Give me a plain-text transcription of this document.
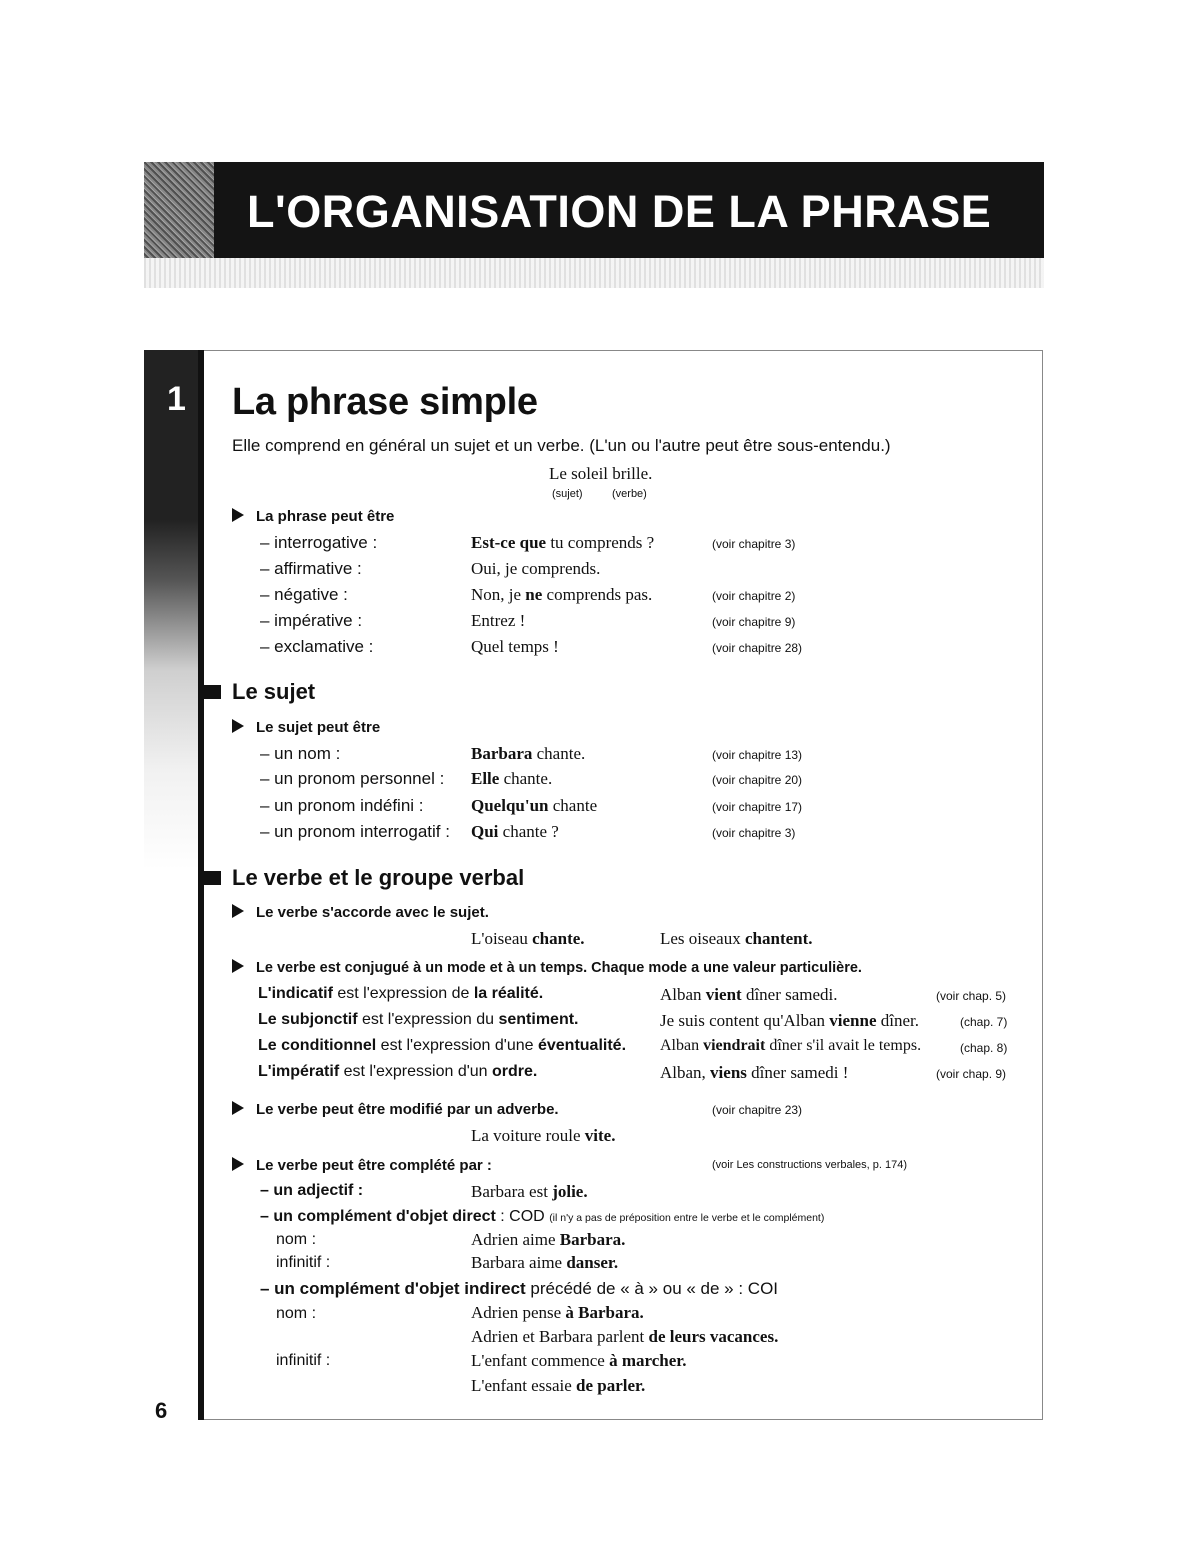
L'ORGANISATION DE LA PHRASE
1 La phrase simple
Elle comprend en général un sujet et un verbe. (L'un ou l'autre peut être sous-entendu.)
Le soleil brille.
(sujet)	(verbe)
La phrase peut être
– interrogative :	Est-ce que tu comprends ?	(voir chapitre 3)
– affirmative :	Oui, je comprends.
– négative :	Non, je ne comprends pas.	(voir chapitre 2)
– impérative :	Entrez !	(voir chapitre 9)
– exclamative :	Quel temps !	(voir chapitre 28)
Le sujet
Le sujet peut être
– un nom :	Barbara chante.	(voir chapitre 13)
– un pronom personnel : Elle chante.	(voir chapitre 20)
– un pronom indéfini :	Quelqu'un chante	(voir chapitre 17)
– un pronom interrogatif : Qui chante ?	(voir chapitre 3)
Le verbe et le groupe verbal
Le verbe s'accorde avec le sujet.
L'oiseau chante.	Les oiseaux chantent.
Le verbe est conjugué à un mode et à un temps. Chaque mode a une valeur particulière.
L'indicatif est l'expression de la réalité.	Alban vient dîner samedi.	(voir chap. 5)
Le subjonctif est l'expression du sentiment.	Je suis content qu'Alban vienne dîner.	(chap. 7)
Le conditionnel est l'expression d'une éventualité. Alban viendrait dîner s'il avait le temps.	(chap. 8)
L'impératif est l'expression d'un ordre.	Alban, viens dîner samedi !	(voir chap. 9)
Le verbe peut être modifié par un adverbe.	(voir chapitre 23)
La voiture roule vite.
Le verbe peut être complété par :	(voir Les constructions verbales, p. 174)
– un adjectif :	Barbara est jolie.
– un complément d'objet direct : COD (il n'y a pas de préposition entre le verbe et le complément)
nom :	Adrien aime Barbara.
infinitif :	Barbara aime danser.
– un complément d'objet indirect précédé de « à » ou « de » : COI
nom :	Adrien pense à Barbara.
Adrien et Barbara parlent de leurs vacances.
infinitif :	L'enfant commence à marcher.
L'enfant essaie de parler.
6
